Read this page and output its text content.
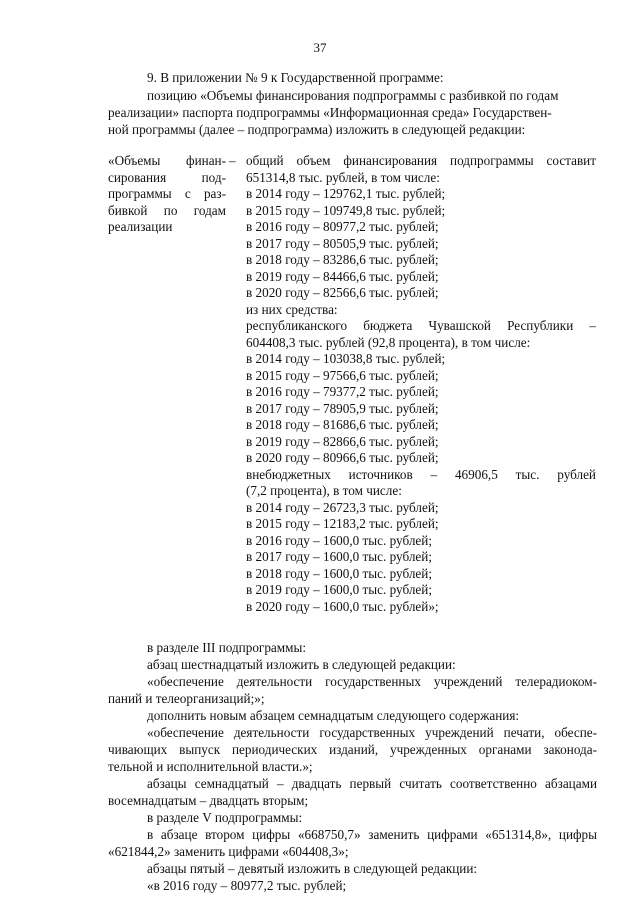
37
9. В приложении № 9 к Государственной программе:
позицию «Объемы финансирования подпрограммы с разбивкой по годам
реализации» паспорта подпрограммы «Информационная среда» Государствен-
ной программы (далее – подпрограмма) изложить в следующей редакции:
«Объемы финан-
сирования под-
программы с раз-
бивкой по годам
реализации
– общий объем финансирования подпрограммы составит
651314,8 тыс. рублей, в том числе:
в 2014 году – 129762,1 тыс. рублей;
в 2015 году – 109749,8 тыс. рублей;
в 2016 году – 80977,2 тыс. рублей;
в 2017 году – 80505,9 тыс. рублей;
в 2018 году – 83286,6 тыс. рублей;
в 2019 году – 84466,6 тыс. рублей;
в 2020 году – 82566,6 тыс. рублей;
из них средства:
республиканского бюджета Чувашской Республики –
604408,3 тыс. рублей (92,8 процента), в том числе:
в 2014 году – 103038,8 тыс. рублей;
в 2015 году – 97566,6 тыс. рублей;
в 2016 году – 79377,2 тыс. рублей;
в 2017 году – 78905,9 тыс. рублей;
в 2018 году – 81686,6 тыс. рублей;
в 2019 году – 82866,6 тыс. рублей;
в 2020 году – 80966,6 тыс. рублей;
внебюджетных источников – 46906,5 тыс. рублей
(7,2 процента), в том числе:
в 2014 году – 26723,3 тыс. рублей;
в 2015 году – 12183,2 тыс. рублей;
в 2016 году – 1600,0 тыс. рублей;
в 2017 году – 1600,0 тыс. рублей;
в 2018 году – 1600,0 тыс. рублей;
в 2019 году – 1600,0 тыс. рублей;
в 2020 году – 1600,0 тыс. рублей»;
в разделе III подпрограммы:
абзац шестнадцатый изложить в следующей редакции:
«обеспечение деятельности государственных учреждений телерадиоком-
паний и телеорганизаций;»;
дополнить новым абзацем семнадцатым следующего содержания:
«обеспечение деятельности государственных учреждений печати, обеспе-
чивающих выпуск периодических изданий, учрежденных органами законода-
тельной и исполнительной власти.»;
абзацы семнадцатый – двадцать первый считать соответственно абзацами
восемнадцатым – двадцать вторым;
в разделе V подпрограммы:
в абзаце втором цифры «668750,7» заменить цифрами «651314,8», цифры
«621844,2» заменить цифрами «604408,3»;
абзацы пятый – девятый изложить в следующей редакции:
«в 2016 году – 80977,2 тыс. рублей;
